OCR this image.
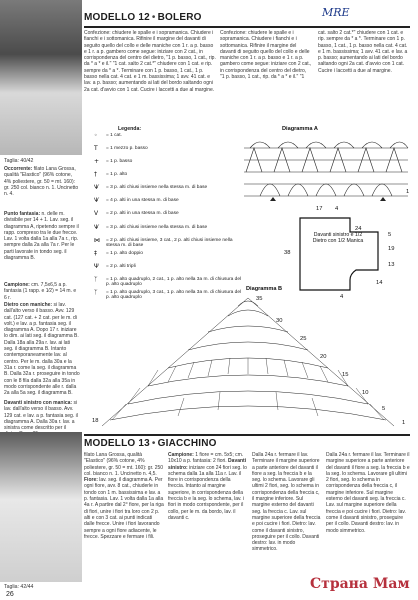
MODELLO 12 • BOLERO	MRE
Taglia: 40/42
Occorrente: filato Lana Grossa, qualità "Elastico" (96% cotone, 4% poliestere, gr. 50 = mt. 160): gr. 250 col. bianco n. 1. Uncinetto n. 4.
Punto fantasia: n. delle m. divisibile per 14 + 1. Lav. seg. il diagramma A, ripetendo sempre il rapp. compreso tra le due frecce. Lav. 1 volta dalla 1a alla 7a r., rip. sempre dalla 2a alla 7a r. Per le parti lavorate in tondo seg. il diagramma B.
Campione: cm. 7,5x6,5 a p. fantasia (1 rapp. e 1⁄2) = 14 m. e 6 r.
Dietro con maniche: si lav. dall'alto verso il basso. Avv. 129 cat. (127 cat. + 2 cat. per le m. di volt.) e lav. a p. fantasia seg. il diagramma A. Dopo 17 r. iniziare lo dim. ai lati seg. il diagramma B. Dalla 18a alla 29a r. lav. ai lati seg. il diagramma B. Intanto contemporaneamente lav. al centro. Per le m. dalla 30a e la 31a r. come la seg. il diagramma B. Dalla 32a r. proseguire in tondo con le 8 fila dalla 32a alla 35a in modo corrispondente alle r. dalla 2a alla 5a seg. il diagramma B.
Davanti sinistro con manica: si lav. dall'alto verso il basso. Avv. 129 cat. e lav. a p. fantasia seg. il diagramma A. Dalla 30a r. lav. a sinistra come descritto per il
Confezione: chiudere le spalle e i sopramanica. Chiudere i fianchi e i sottomanica. Rifinire il margine del davanti di seguito quello del collo e delle maniche con 1 r. a p. basso e 1 r. a p. gambero come segue: iniziare con 2 cat., in corrispondenza del centro del dietro, "1 p. basso, 1 cat., rip. da * a * e il." "1 cat. salto 2 cat.*" chiudere con 1 cat. e rip. sempre da * a *. Terminare con 1 p. basso, 1 cat., 1 p. basso nella cat. 4 cat. e 1 m. bassissima; 1 avv. 41 cat. e lav. a p. basso; aumentando ai lati del bordo saltando ogni 2a cat. d'avvio con 1 cat. Cucire i laccetti a due al margine.
Confezione: chiudere le spalle e i sopramanica. Chiudere i fianchi e i sottomanica. Rifinire il margine del davanti di seguito quello del collo e delle maniche con 1 r. a p. basso e 1 r. a p. gambero come segue: iniziare con 2 cat., in corrispondenza del centro del dietro, "1 p. basso, 1 cat., rip. da * a * e il." "1 cat. salto 2 cat.*" chiudere con 1 cat. e rip. sempre da * a *. Terminare con 1 p. basso, 1 cat., 1 p. basso nella cat. 4 cat. e 1 m. bassissima; 1 avv. 41 cat. e lav. a p. basso; aumentando ai lati del bordo saltando ogni 2a cat. d'avvio con 1 cat. Cucire i laccetti a due al margine.
Legenda:
◦ = 1 cat.
T = 1 mezzo p. basso
+ = 1 p. basso
† = 1 p. alto
Ѱ = 3 p. alti chiusi insieme nella stessa m. di base
Ѱ = 4 p. alti in una stessa m. di base
V = 2 p. alti in una stessa m. di base
Ѱ = 3 p. alti chiusi insieme nella stessa m. di base
⋈ = 2 p. alti chiusi insieme, 3 cat., 2 p. alti chiusi insieme nella stessa m. di base
‡ = 1 p. alto doppio
Ψ = 2 p. alti tripli
ᛉ = 1 p. alto quadruplo, 2 cat., 1 p. alto nella 3a m. di chiusura del p. alto quadruplo
ᛉ = 1 p. alto quadruplo, 3 cat., 1 p. alto nella 3a m. di chiusura del p. alto quadruplo
Diagramma A
1
Davanti sinistro e 1/2 Dietro con 1/2 Manica
4
17
24
38
5
19
13
14
4
Diagramma B
35
30
25
20
15
10
5
1
18
MODELLO 13 • GIACCHINO
Taglia: 42/44
filato Lana Grossa, qualità "Elastico" (96% cotone, 4% poliestere, gr. 50 = mt. 160): gr. 250 col. bianco n. 1. Uncinetto n. 4,5. Fiore: lav. seg. il diagramma A. Per ogni fiore, avv. 8 cat., chiuderle in tondo con 1 m. bassissima e lav. a p. fantasia. Lav. 1 volta dalla 1a alla 4a r. A partire dal 2° fiore, per la riga di fiori, unire i fiori tra loro con 2 p. alti e con 3 cat. ai punti indicati dalle frecce. Unire i fiori lavorando sempre a ogni fiore adiacente, le frecce. Spezzare e fermare i fili.
Campione: 1 fiore = cm. 5x5; cm. 10x10 a p. fantasia: 2 fiori. Davanti sinistro: iniziare con 24 fiori seg. lo schema dalla 1a alla 11a r. Lav. il fiore in corrispondenza della freccia. Intanto al margine superiore, in corrispondenza della freccia b e la seg. lo schema, lav. i fiori in modo corrispondente, per il collo, per le m. da bordo, lav. il davanti c.
Dalla 24a r. fermare il lav. Terminare il margine superiore a parte anteriore del davanti il fiore a seg. la freccia b e la seg. lo schema. Lavorare gli ultimi 2 fiori, seg. lo schema in corrispondenza della freccia c, il margine inferiore. Sul margine esterno del davanti seg. la freccia c. Lav. sul margine superiore della freccia e poi cucire i fiori. Dietro: lav. come il davanti sinistro, proseguire per il collo. Davanti destro: lav. in modo simmetrico.
Dalla 24a r. fermare il lav. Terminare il margine superiore a parte anteriore del davanti il fiore a seg. la freccia b e la seg. lo schema. Lavorare gli ultimi 2 fiori, seg. lo schema in corrispondenza della freccia c, il margine inferiore. Sul margine esterno del davanti seg. la freccia c. Lav. sul margine superiore della freccia e poi cucire i fiori. Dietro: lav. come il davanti sinistro, proseguire per il collo. Davanti destro: lav. in modo simmetrico.
26
Страна Мам
